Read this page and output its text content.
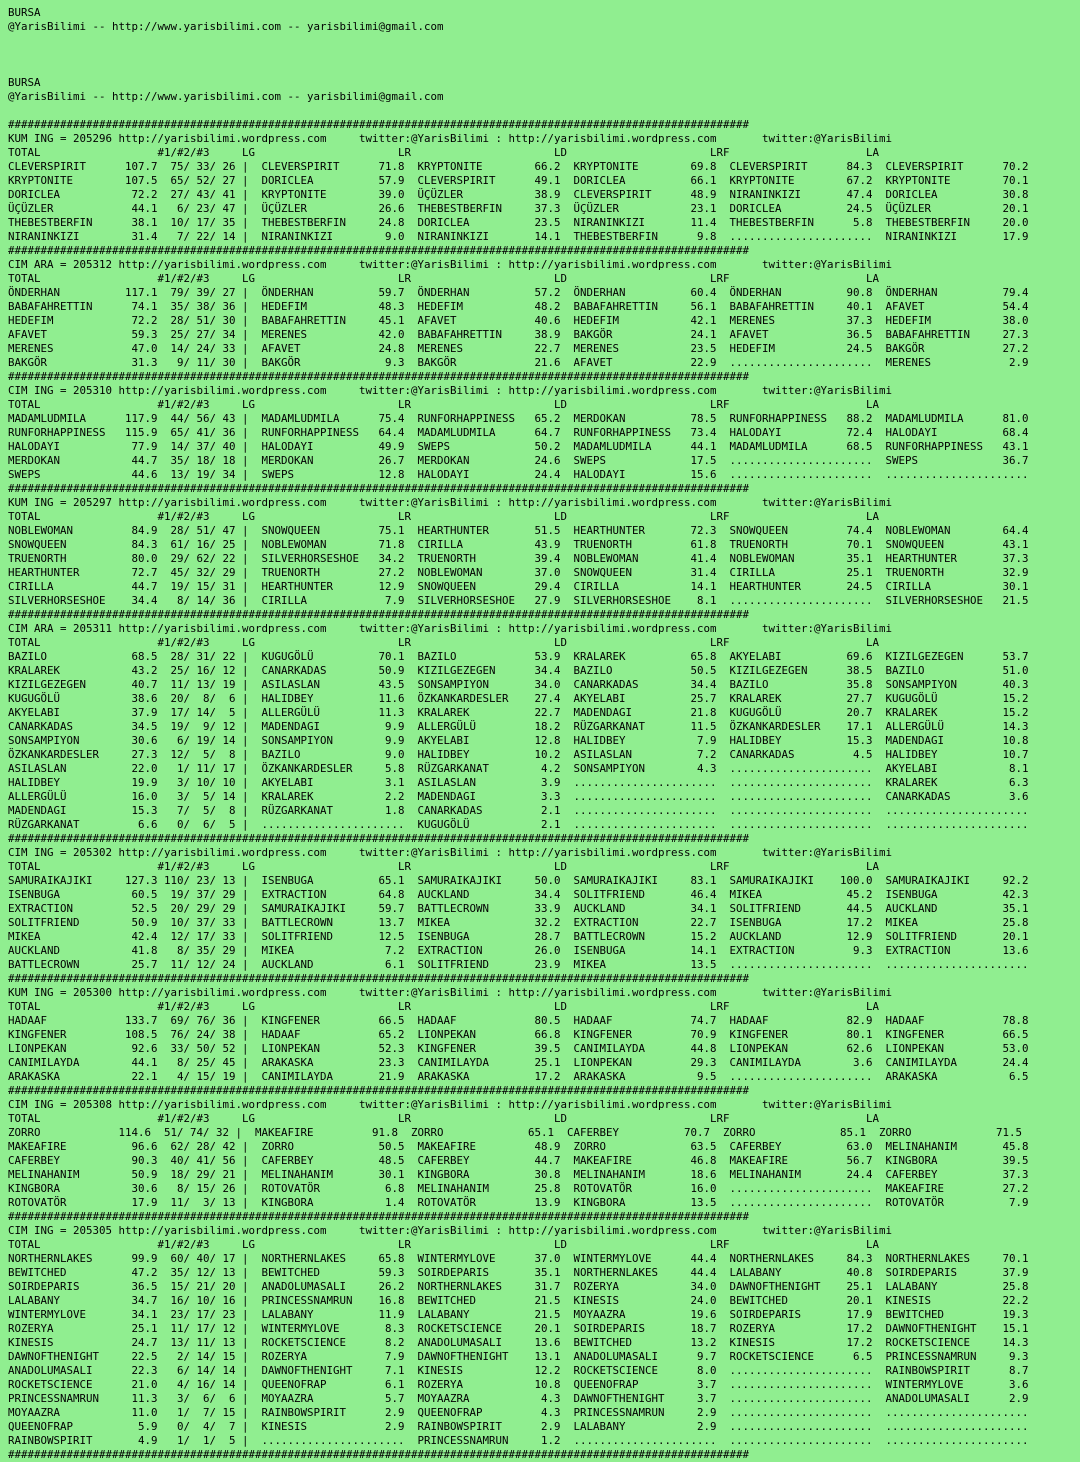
BURSA
@YarisBilimi -- http://www.yarisbilimi.com -- yarisbilimi@gmail.com
BURSA
@YarisBilimi -- http://www.yarisbilimi.com -- yarisbilimi@gmail.com
##################################################################################################################
KUM ING = 205296 http://yarisbilimi.wordpress.com     twitter:@YarisBilimi : http://yarisbilimi.wordpress.com       twitter:@YarisBilimi
TOTAL                  #1/#2/#3     LG                      LR                      LD                      LRF                     LA
CLEVERSPIRIT      107.7  75/ 33/ 26 |  CLEVERSPIRIT      71.8  KRYPTONITE        66.2  KRYPTONITE        69.8  CLEVERSPIRIT      84.3  CLEVERSPIRIT      70.2
KRYPTONITE        107.5  65/ 52/ 27 |  DORICLEA          57.9  CLEVERSPIRIT      49.1  DORICLEA          66.1  KRYPTONITE        67.2  KRYPTONITE        70.1
DORICLEA           72.2  27/ 43/ 41 |  KRYPTONITE        39.0  ÜÇÜZLER           38.9  CLEVERSPIRIT      48.9  NIRANINKIZI       47.4  DORICLEA          30.8
ÜÇÜZLER            44.1   6/ 23/ 47 |  ÜÇÜZLER           26.6  THEBESTBERFIN     37.3  ÜÇÜZLER           23.1  DORICLEA          24.5  ÜÇÜZLER           20.1
THEBESTBERFIN      38.1  10/ 17/ 35 |  THEBESTBERFIN     24.8  DORICLEA          23.5  NIRANINKIZI       11.4  THEBESTBERFIN      5.8  THEBESTBERFIN     20.0
NIRANINKIZI        31.4   7/ 22/ 14 |  NIRANINKIZI        9.0  NIRANINKIZI       14.1  THEBESTBERFIN      9.8  ......................  NIRANINKIZI       17.9
##################################################################################################################
CIM ARA = 205312 http://yarisbilimi.wordpress.com     twitter:@YarisBilimi : http://yarisbilimi.wordpress.com       twitter:@YarisBilimi
TOTAL                  #1/#2/#3     LG                      LR                      LD                      LRF                     LA
ÖNDERHAN          117.1  79/ 39/ 27 |  ÖNDERHAN          59.7  ÖNDERHAN          57.2  ÖNDERHAN          60.4  ÖNDERHAN          90.8  ÖNDERHAN          79.4
BABAFAHRETTIN      74.1  35/ 38/ 36 |  HEDEFIM           48.3  HEDEFIM           48.2  BABAFAHRETTIN     56.1  BABAFAHRETTIN     40.1  AFAVET            54.4
HEDEFIM            72.2  28/ 51/ 30 |  BABAFAHRETTIN     45.1  AFAVET            40.6  HEDEFIM           42.1  MERENES           37.3  HEDEFIM           38.0
AFAVET             59.3  25/ 27/ 34 |  MERENES           42.0  BABAFAHRETTIN     38.9  BAKGÖR            24.1  AFAVET            36.5  BABAFAHRETTIN     27.3
MERENES            47.0  14/ 24/ 33 |  AFAVET            24.8  MERENES           22.7  MERENES           23.5  HEDEFIM           24.5  BAKGÖR            27.2
BAKGÖR             31.3   9/ 11/ 30 |  BAKGÖR             9.3  BAKGÖR            21.6  AFAVET            22.9  ......................  MERENES            2.9
##################################################################################################################
CIM ING = 205310 http://yarisbilimi.wordpress.com     twitter:@YarisBilimi : http://yarisbilimi.wordpress.com       twitter:@YarisBilimi
TOTAL                  #1/#2/#3     LG                      LR                      LD                      LRF                     LA
MADAMLUDMILA      117.9  44/ 56/ 43 |  MADAMLUDMILA      75.4  RUNFORHAPPINESS   65.2  MERDOKAN          78.5  RUNFORHAPPINESS   88.2  MADAMLUDMILA      81.0
RUNFORHAPPINESS   115.9  65/ 41/ 36 |  RUNFORHAPPINESS   64.4  MADAMLUDMILA      64.7  RUNFORHAPPINESS   73.4  HALODAYI          72.4  HALODAYI          68.4
HALODAYI           77.9  14/ 37/ 40 |  HALODAYI          49.9  SWEPS             50.2  MADAMLUDMILA      44.1  MADAMLUDMILA      68.5  RUNFORHAPPINESS   43.1
MERDOKAN           44.7  35/ 18/ 18 |  MERDOKAN          26.7  MERDOKAN          24.6  SWEPS             17.5  ......................  SWEPS             36.7
SWEPS              44.6  13/ 19/ 34 |  SWEPS             12.8  HALODAYI          24.4  HALODAYI          15.6  ......................  ......................
##################################################################################################################
KUM ING = 205297 http://yarisbilimi.wordpress.com     twitter:@YarisBilimi : http://yarisbilimi.wordpress.com       twitter:@YarisBilimi
TOTAL                  #1/#2/#3     LG                      LR                      LD                      LRF                     LA
NOBLEWOMAN         84.9  28/ 51/ 47 |  SNOWQUEEN         75.1  HEARTHUNTER       51.5  HEARTHUNTER       72.3  SNOWQUEEN         74.4  NOBLEWOMAN        64.4
SNOWQUEEN          84.3  61/ 16/ 25 |  NOBLEWOMAN        71.8  CIRILLA           43.9  TRUENORTH         61.8  TRUENORTH         70.1  SNOWQUEEN         43.1
TRUENORTH          80.0  29/ 62/ 22 |  SILVERHORSESHOE   34.2  TRUENORTH         39.4  NOBLEWOMAN        41.4  NOBLEWOMAN        35.1  HEARTHUNTER       37.3
HEARTHUNTER        72.7  45/ 32/ 29 |  TRUENORTH         27.2  NOBLEWOMAN        37.0  SNOWQUEEN         31.4  CIRILLA           25.1  TRUENORTH         32.9
CIRILLA            44.7  19/ 15/ 31 |  HEARTHUNTER       12.9  SNOWQUEEN         29.4  CIRILLA           14.1  HEARTHUNTER       24.5  CIRILLA           30.1
SILVERHORSESHOE    34.4   8/ 14/ 36 |  CIRILLA            7.9  SILVERHORSESHOE   27.9  SILVERHORSESHOE    8.1  ......................  SILVERHORSESHOE   21.5
##################################################################################################################
CIM ARA = 205311 http://yarisbilimi.wordpress.com     twitter:@YarisBilimi : http://yarisbilimi.wordpress.com       twitter:@YarisBilimi
TOTAL                  #1/#2/#3     LG                      LR                      LD                      LRF                     LA
BAZILO             68.5  28/ 31/ 22 |  KUGUGÖLÜ          70.1  BAZILO            53.9  KRALAREK          65.8  AKYELABI          69.6  KIZILGEZEGEN      53.7
KRALAREK           43.2  25/ 16/ 12 |  CANARKADAS        50.9  KIZILGEZEGEN      34.4  BAZILO            50.5  KIZILGEZEGEN      38.5  BAZILO            51.0
KIZILGEZEGEN       40.7  11/ 13/ 19 |  ASILASLAN         43.5  SONSAMPIYON       34.0  CANARKADAS        34.4  BAZILO            35.8  SONSAMPIYON       40.3
KUGUGÖLÜ           38.6  20/  8/  6 |  HALIDBEY          11.6  ÖZKANKARDESLER    27.4  AKYELABI          25.7  KRALAREK          27.7  KUGUGÖLÜ          15.2
AKYELABI           37.9  17/ 14/  5 |  ALLERGÜLÜ         11.3  KRALAREK          22.7  MADENDAGI         21.8  KUGUGÖLÜ          20.7  KRALAREK          15.2
CANARKADAS         34.5  19/  9/ 12 |  MADENDAGI          9.9  ALLERGÜLÜ         18.2  RÜZGARKANAT       11.5  ÖZKANKARDESLER    17.1  ALLERGÜLÜ         14.3
SONSAMPIYON        30.6   6/ 19/ 14 |  SONSAMPIYON        9.9  AKYELABI          12.8  HALIDBEY           7.9  HALIDBEY          15.3  MADENDAGI         10.8
ÖZKANKARDESLER     27.3  12/  5/  8 |  BAZILO             9.0  HALIDBEY          10.2  ASILASLAN          7.2  CANARKADAS         4.5  HALIDBEY          10.7
ASILASLAN          22.0   1/ 11/ 17 |  ÖZKANKARDESLER     5.8  RÜZGARKANAT        4.2  SONSAMPIYON        4.3  ......................  AKYELABI           8.1
HALIDBEY           19.9   3/ 10/ 10 |  AKYELABI           3.1  ASILASLAN          3.9  ......................  ......................  KRALAREK           6.3
ALLERGÜLÜ          16.0   3/  5/ 14 |  KRALAREK           2.2  MADENDAGI          3.3  ......................  ......................  CANARKADAS         3.6
MADENDAGI          15.3   7/  5/  8 |  RÜZGARKANAT        1.8  CANARKADAS         2.1  ......................  ......................  ......................
RÜZGARKANAT         6.6   0/  6/  5 |  ......................  KUGUGÖLÜ           2.1  ......................  ......................  ......................
##################################################################################################################
CIM ING = 205302 http://yarisbilimi.wordpress.com     twitter:@YarisBilimi : http://yarisbilimi.wordpress.com       twitter:@YarisBilimi
TOTAL                  #1/#2/#3     LG                      LR                      LD                      LRF                     LA
SAMURAIKAJIKI     127.3 110/ 23/ 13 |  ISENBUGA          65.1  SAMURAIKAJIKI     50.0  SAMURAIKAJIKI     83.1  SAMURAIKAJIKI    100.0  SAMURAIKAJIKI     92.2
ISENBUGA           60.5  19/ 37/ 29 |  EXTRACTION        64.8  AUCKLAND          34.4  SOLITFRIEND       46.4  MIKEA             45.2  ISENBUGA          42.3
EXTRACTION         52.5  20/ 29/ 29 |  SAMURAIKAJIKI     59.7  BATTLECROWN       33.9  AUCKLAND          34.1  SOLITFRIEND       44.5  AUCKLAND          35.1
SOLITFRIEND        50.9  10/ 37/ 33 |  BATTLECROWN       13.7  MIKEA             32.2  EXTRACTION        22.7  ISENBUGA          17.2  MIKEA             25.8
MIKEA              42.4  12/ 17/ 33 |  SOLITFRIEND       12.5  ISENBUGA          28.7  BATTLECROWN       15.2  AUCKLAND          12.9  SOLITFRIEND       20.1
AUCKLAND           41.8   8/ 35/ 29 |  MIKEA              7.2  EXTRACTION        26.0  ISENBUGA          14.1  EXTRACTION         9.3  EXTRACTION        13.6
BATTLECROWN        25.7  11/ 12/ 24 |  AUCKLAND           6.1  SOLITFRIEND       23.9  MIKEA             13.5  ......................  ......................
##################################################################################################################
KUM ING = 205300 http://yarisbilimi.wordpress.com     twitter:@YarisBilimi : http://yarisbilimi.wordpress.com       twitter:@YarisBilimi
TOTAL                  #1/#2/#3     LG                      LR                      LD                      LRF                     LA
HADAAF            133.7  69/ 76/ 36 |  KINGFENER         66.5  HADAAF            80.5  HADAAF            74.7  HADAAF            82.9  HADAAF            78.8
KINGFENER         108.5  76/ 24/ 38 |  HADAAF            65.2  LIONPEKAN         66.8  KINGFENER         70.9  KINGFENER         80.1  KINGFENER         66.5
LIONPEKAN          92.6  33/ 50/ 52 |  LIONPEKAN         52.3  KINGFENER         39.5  CANIMILAYDA       44.8  LIONPEKAN         62.6  LIONPEKAN         53.0
CANIMILAYDA        44.1   8/ 25/ 45 |  ARAKASKA          23.3  CANIMILAYDA       25.1  LIONPEKAN         29.3  CANIMILAYDA        3.6  CANIMILAYDA       24.4
ARAKASKA           22.1   4/ 15/ 19 |  CANIMILAYDA       21.9  ARAKASKA          17.2  ARAKASKA           9.5  ......................  ARAKASKA           6.5
##################################################################################################################
CIM ING = 205308 http://yarisbilimi.wordpress.com     twitter:@YarisBilimi : http://yarisbilimi.wordpress.com       twitter:@YarisBilimi
TOTAL                  #1/#2/#3     LG                      LR                      LD                      LRF                     LA
ZORRO            114.6  51/ 74/ 32 |  MAKEAFIRE         91.8  ZORRO             65.1  CAFERBEY          70.7  ZORRO             85.1  ZORRO             71.5
MAKEAFIRE          96.6  62/ 28/ 42 |  ZORRO             50.5  MAKEAFIRE         48.9  ZORRO             63.5  CAFERBEY          63.0  MELINAHANIM       45.8
CAFERBEY           90.3  40/ 41/ 56 |  CAFERBEY          48.5  CAFERBEY          44.7  MAKEAFIRE         46.8  MAKEAFIRE         56.7  KINGBORA          39.5
MELINAHANIM        50.9  18/ 29/ 21 |  MELINAHANIM       30.1  KINGBORA          30.8  MELINAHANIM       18.6  MELINAHANIM       24.4  CAFERBEY          37.3
KINGBORA           30.6   8/ 15/ 26 |  ROTOVATÖR          6.8  MELINAHANIM       25.8  ROTOVATÖR         16.0  ......................  MAKEAFIRE         27.2
ROTOVATÖR          17.9  11/  3/ 13 |  KINGBORA           1.4  ROTOVATÖR         13.9  KINGBORA          13.5  ......................  ROTOVATÖR          7.9
##################################################################################################################
CIM ING = 205305 http://yarisbilimi.wordpress.com     twitter:@YarisBilimi : http://yarisbilimi.wordpress.com       twitter:@YarisBilimi
TOTAL                  #1/#2/#3     LG                      LR                      LD                      LRF                     LA
NORTHERNLAKES      99.9  60/ 40/ 17 |  NORTHERNLAKES     65.8  WINTERMYLOVE      37.0  WINTERMYLOVE      44.4  NORTHERNLAKES     84.3  NORTHERNLAKES     70.1
BEWITCHED          47.2  35/ 12/ 13 |  BEWITCHED         59.3  SOIRDEPARIS       35.1  NORTHERNLAKES     44.4  LALABANY          40.8  SOIRDEPARIS       37.9
SOIRDEPARIS        36.5  15/ 21/ 20 |  ANADOLUMASALI     26.2  NORTHERNLAKES     31.7  ROZERYA           34.0  DAWNOFTHENIGHT    25.1  LALABANY          25.8
LALABANY           34.7  16/ 10/ 16 |  PRINCESSNAMRUN    16.8  BEWITCHED         21.5  KINESIS           24.0  BEWITCHED         20.1  KINESIS           22.2
WINTERMYLOVE       34.1  23/ 17/ 23 |  LALABANY          11.9  LALABANY          21.5  MOYAAZRA          19.6  SOIRDEPARIS       17.9  BEWITCHED         19.3
ROZERYA            25.1  11/ 17/ 12 |  WINTERMYLOVE       8.3  ROCKETSCIENCE     20.1  SOIRDEPARIS       18.7  ROZERYA           17.2  DAWNOFTHENIGHT    15.1
KINESIS            24.7  13/ 11/ 13 |  ROCKETSCIENCE      8.2  ANADOLUMASALI     13.6  BEWITCHED         13.2  KINESIS           17.2  ROCKETSCIENCE     14.3
DAWNOFTHENIGHT     22.5   2/ 14/ 15 |  ROZERYA            7.9  DAWNOFTHENIGHT    13.1  ANADOLUMASALI      9.7  ROCKETSCIENCE      6.5  PRINCESSNAMRUN     9.3
ANADOLUMASALI      22.3   6/ 14/ 14 |  DAWNOFTHENIGHT     7.1  KINESIS           12.2  ROCKETSCIENCE      8.0  ......................  RAINBOWSPIRIT      8.7
ROCKETSCIENCE      21.0   4/ 16/ 14 |  QUEENOFRAP         6.1  ROZERYA           10.8  QUEENOFRAP         3.7  ......................  WINTERMYLOVE       3.6
PRINCESSNAMRUN     11.3   3/  6/  6 |  MOYAAZRA           5.7  MOYAAZRA           4.3  DAWNOFTHENIGHT     3.7  ......................  ANADOLUMASALI      2.9
MOYAAZRA           11.0   1/  7/ 15 |  RAINBOWSPIRIT      2.9  QUEENOFRAP         4.3  PRINCESSNAMRUN     2.9  ......................  ......................
QUEENOFRAP          5.9   0/  4/  7 |  KINESIS            2.9  RAINBOWSPIRIT      2.9  LALABANY           2.9  ......................  ......................
RAINBOWSPIRIT       4.9   1/  1/  5 |  ......................  PRINCESSNAMRUN     1.2  ......................  ......................  ......................
##################################################################################################################
